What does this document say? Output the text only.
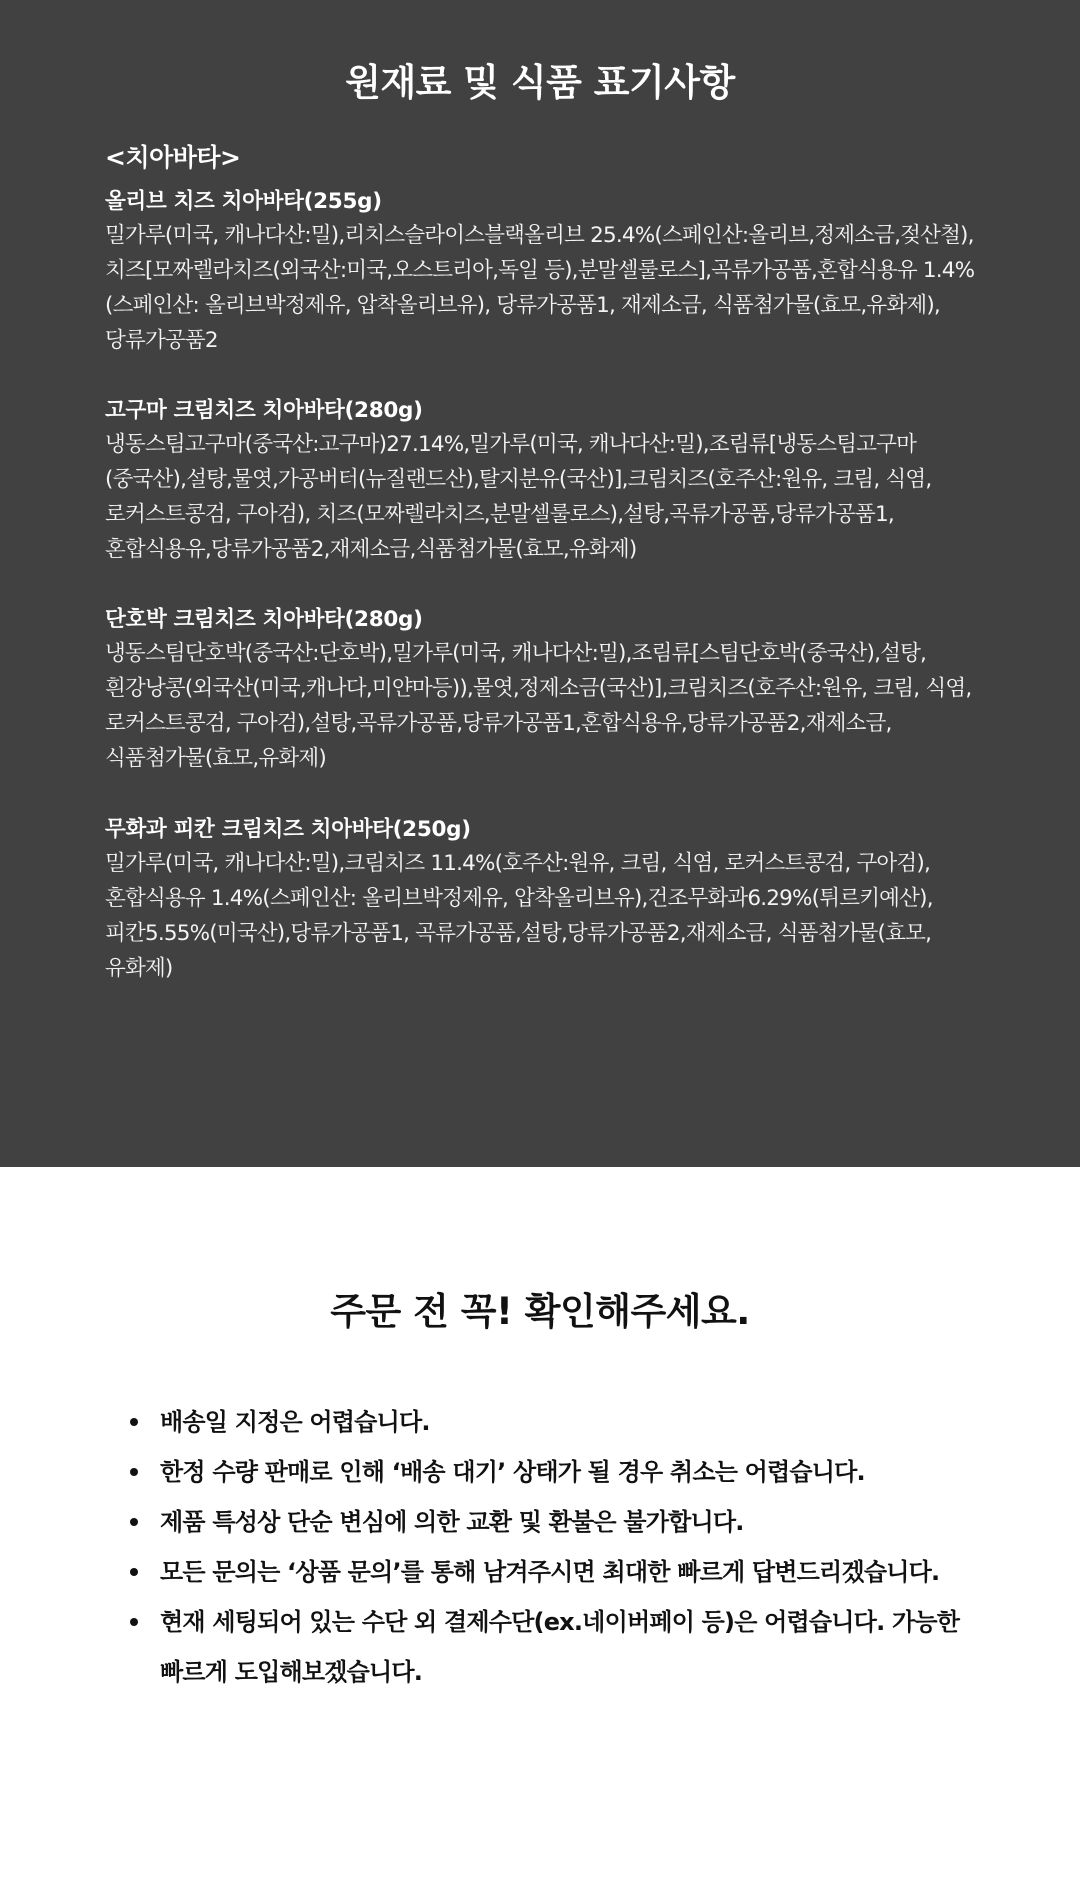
원재료 및 식품 표기사항
<치아바타>

올리브 치즈 치아바타(255g)

밀가루(미국, 캐나다산:밀),리치스슬라이스블랙올리브 25.4%(스페인산:올리브,정제소금,젖산철),치즈[모짜렐라치즈(외국산:미국,오스트리아,독일 등),분말셀룰로스],곡류가공품,혼합식용유 1.4%(스페인산: 올리브박정제유, 압착올리브유), 당류가공품1, 재제소금, 식품첨가물(효모,유화제), 당류가공품2

고구마 크림치즈 치아바타(280g)

냉동스팀고구마(중국산:고구마)27.14%,밀가루(미국, 캐나다산:밀),조림류[냉동스팀고구마(중국산),설탕,물엿,가공버터(뉴질랜드산),탈지분유(국산)],크림치즈(호주산:원유, 크림, 식염, 로커스트콩검, 구아검), 치즈(모짜렐라치즈,분말셀룰로스),설탕,곡류가공품,당류가공품1,혼합식용유,당류가공품2,재제소금,식품첨가물(효모,유화제)

단호박 크림치즈 치아바타(280g)

냉동스팀단호박(중국산:단호박),밀가루(미국, 캐나다산:밀),조림류[스팀단호박(중국산),설탕,흰강낭콩(외국산(미국,캐나다,미얀마등)),물엿,정제소금(국산)],크림치즈(호주산:원유, 크림, 식염, 로커스트콩검, 구아검),설탕,곡류가공품,당류가공품1,혼합식용유,당류가공품2,재제소금,식품첨가물(효모,유화제)

무화과 피칸 크림치즈 치아바타(250g)

밀가루(미국, 캐나다산:밀),크림치즈 11.4%(호주산:원유, 크림, 식염, 로커스트콩검, 구아검),혼합식용유 1.4%(스페인산: 올리브박정제유, 압착올리브유),건조무화과6.29%(튀르키예산), 피칸5.55%(미국산),당류가공품1, 곡류가공품,설탕,당류가공품2,재제소금, 식품첨가물(효모,유화제)

주문 전 꼭! 확인해주세요.
배송일 지정은 어렵습니다.
한정 수량 판매로 인해 ‘배송 대기’ 상태가 될 경우 취소는 어렵습니다.
제품 특성상 단순 변심에 의한 교환 및 환불은 불가합니다.
모든 문의는 ‘상품 문의’를 통해 남겨주시면 최대한 빠르게 답변드리겠습니다.
현재 세팅되어 있는 수단 외 결제수단(ex.네이버페이 등)은 어렵습니다. 가능한 빠르게 도입해보겠습니다.
